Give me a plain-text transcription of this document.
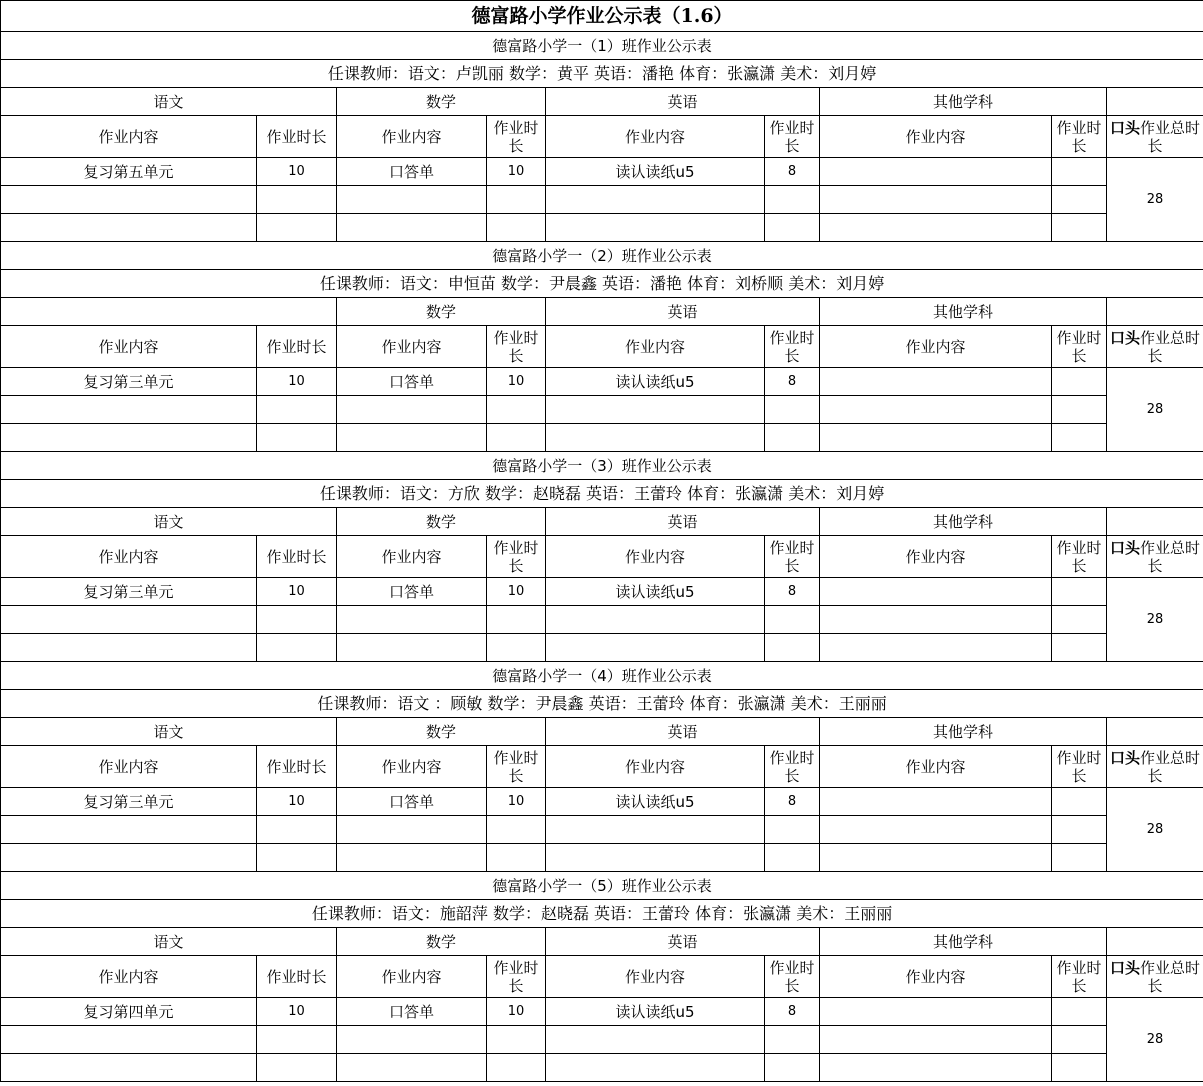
德富路小学作业公示表（1.6）								
德富路小学一（1）班作业公示表								
任课教师：语文：卢凯丽 数学：黄平 英语：潘艳 体育：张瀛潇 美术：刘月婷								
语文		数学		英语		其他学科		
作业内容	作业时长	作业内容	作业时长	作业内容	作业时长	作业内容	作业时长	口头作业总时长
复习第五单元	10	口答单	10	读认读纸u5	8			28

德富路小学一（2）班作业公示表								
任课教师：语文：申恒苗 数学：尹晨鑫 英语：潘艳 体育：刘桥顺 美术：刘月婷								
		数学		英语		其他学科		
作业内容	作业时长	作业内容	作业时长	作业内容	作业时长	作业内容	作业时长	口头作业总时长
复习第三单元	10	口答单	10	读认读纸u5	8			28

德富路小学一（3）班作业公示表								
任课教师：语文：方欣 数学：赵晓磊 英语：王蕾玲 体育：张瀛潇 美术：刘月婷								
语文		数学		英语		其他学科		
作业内容	作业时长	作业内容	作业时长	作业内容	作业时长	作业内容	作业时长	口头作业总时长
复习第三单元	10	口答单	10	读认读纸u5	8			28

德富路小学一（4）班作业公示表								
任课教师：语文 ：顾敏 数学：尹晨鑫 英语：王蕾玲 体育：张瀛潇 美术：王丽丽								
语文		数学		英语		其他学科		
作业内容	作业时长	作业内容	作业时长	作业内容	作业时长	作业内容	作业时长	口头作业总时长
复习第三单元	10	口答单	10	读认读纸u5	8			28

德富路小学一（5）班作业公示表								
任课教师：语文：施韶萍 数学：赵晓磊 英语：王蕾玲 体育：张瀛潇 美术：王丽丽								
语文		数学		英语		其他学科		
作业内容	作业时长	作业内容	作业时长	作业内容	作业时长	作业内容	作业时长	口头作业总时长
复习第四单元	10	口答单	10	读认读纸u5	8			28
